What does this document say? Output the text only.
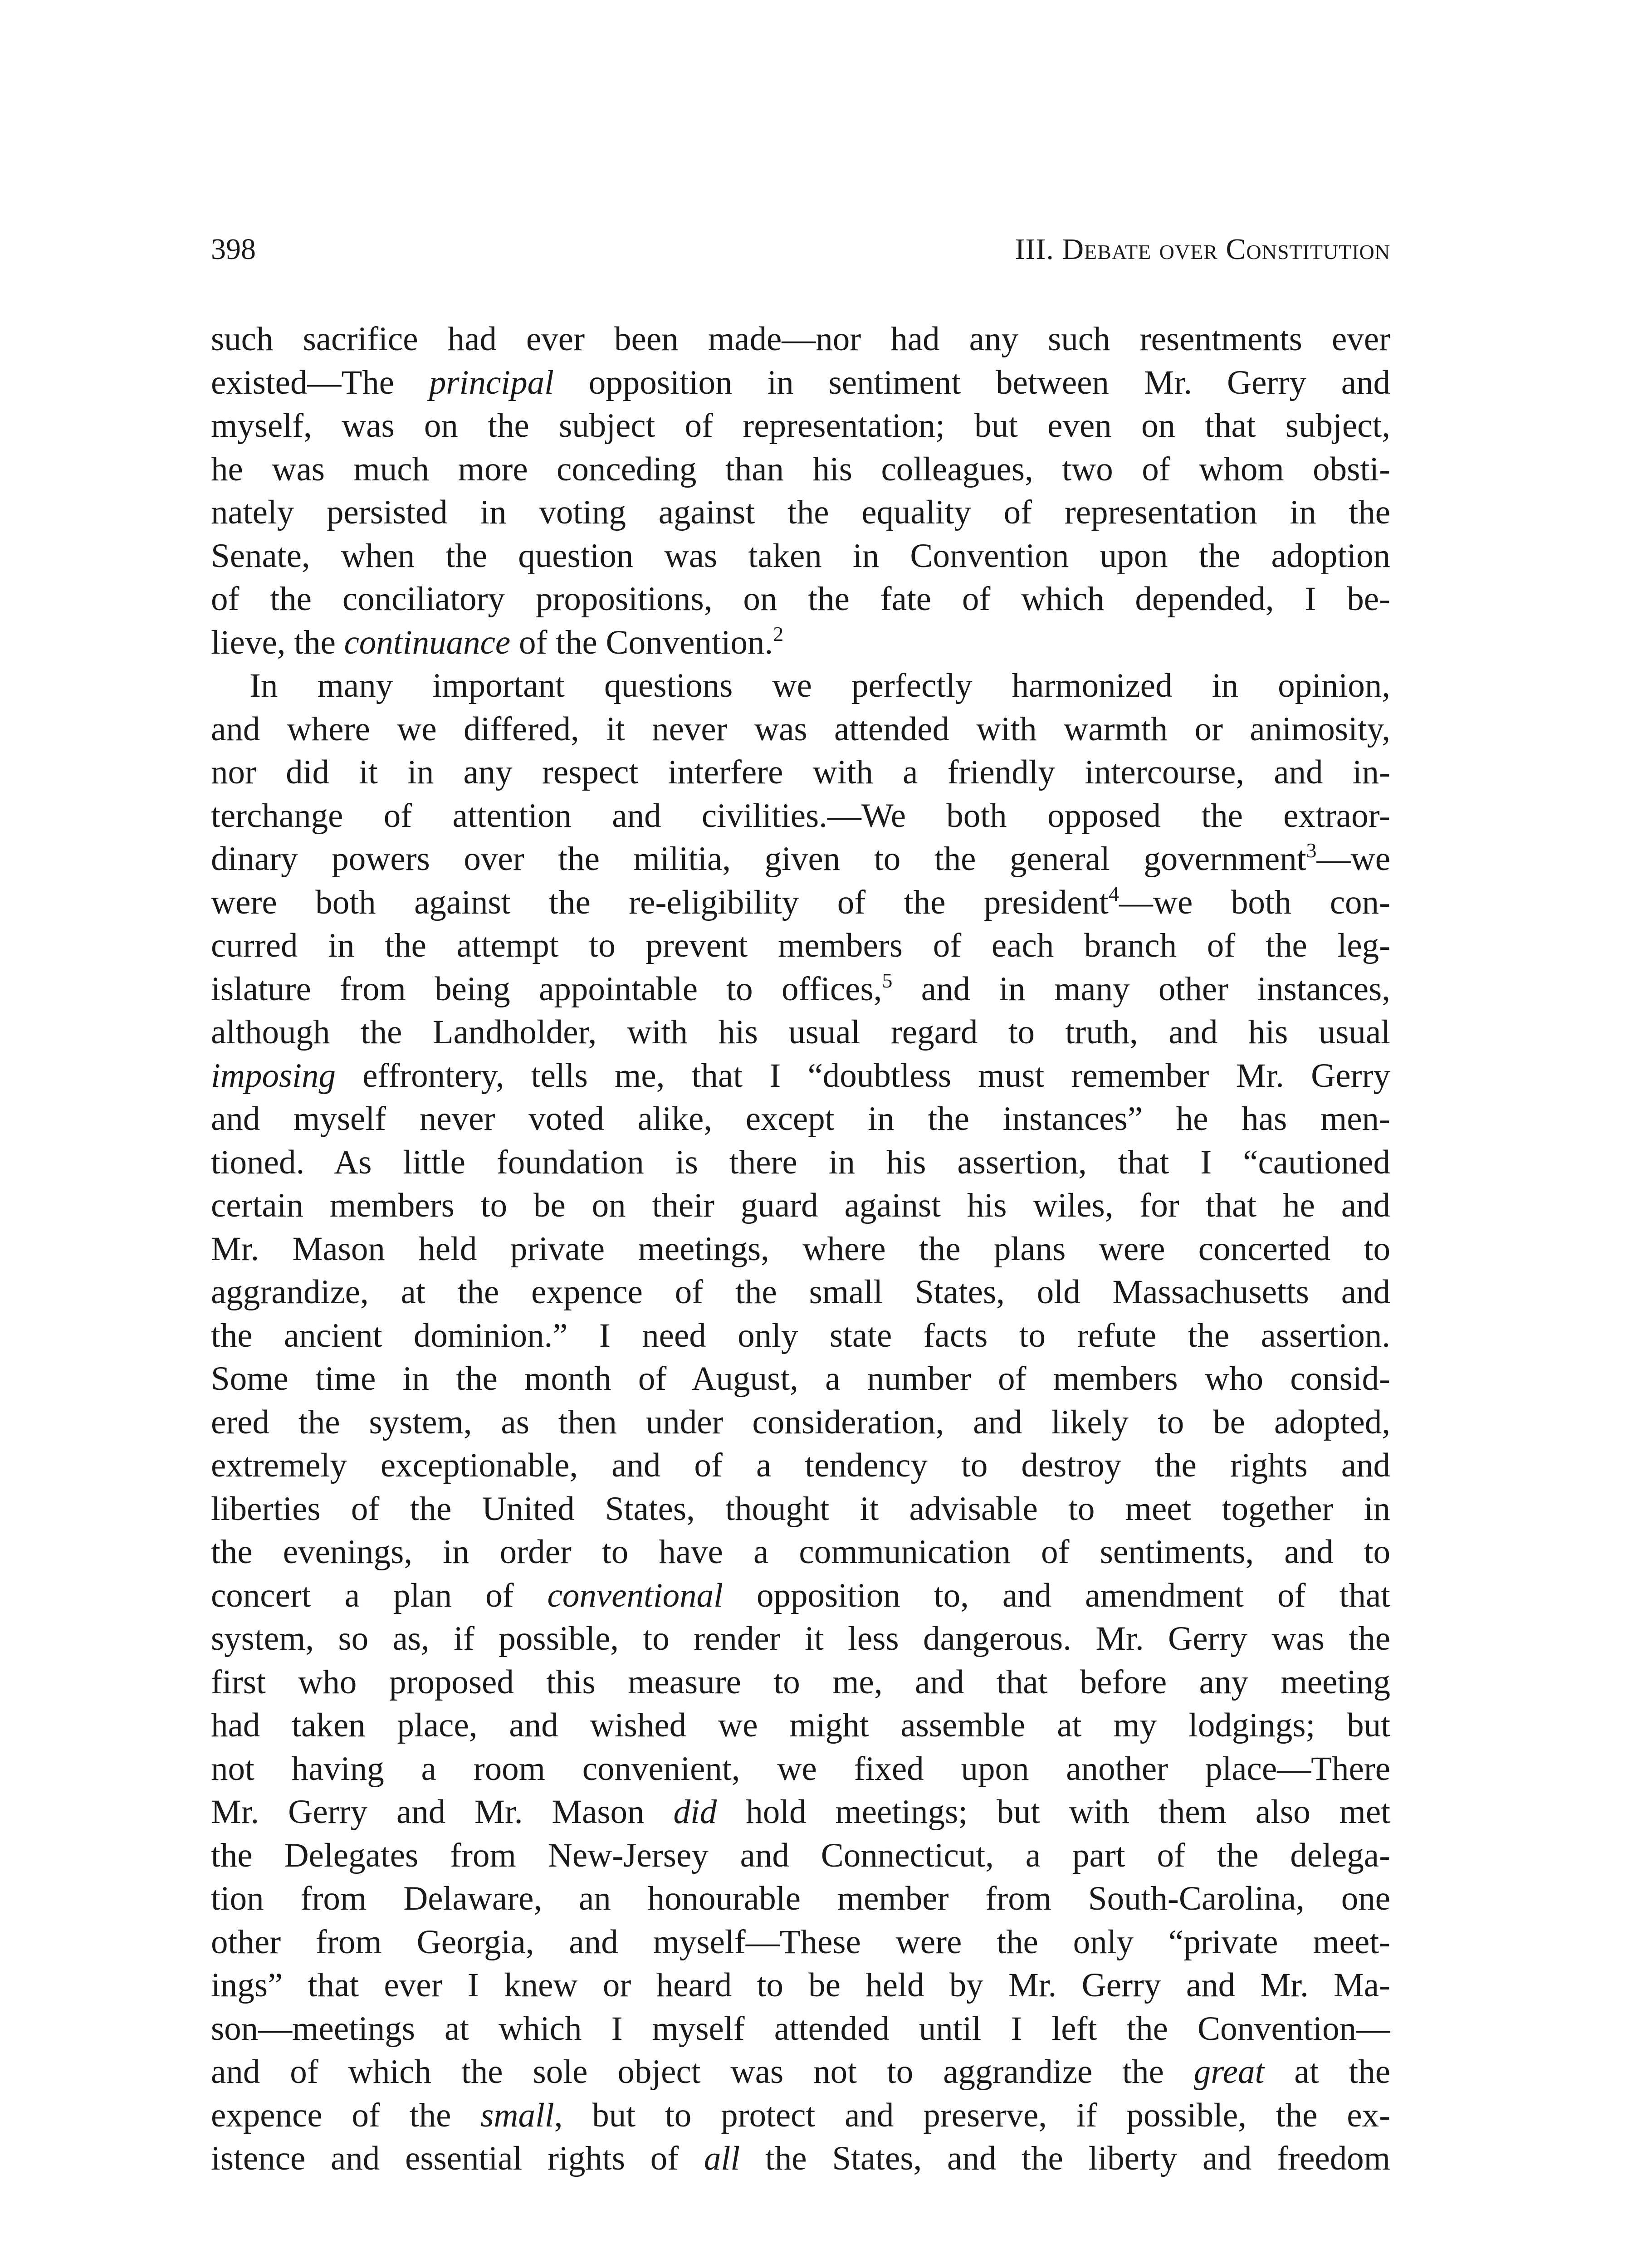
398	III. Debate over Constitution
such sacrifice had ever been made—nor had any such resentments ever
existed—The principal opposition in sentiment between Mr. Gerry and
myself, was on the subject of representation; but even on that subject,
he was much more conceding than his colleagues, two of whom obsti-
nately persisted in voting against the equality of representation in the
Senate, when the question was taken in Convention upon the adoption
of the conciliatory propositions, on the fate of which depended, I be-
lieve, the continuance of the Convention.$^2$
In many important questions we perfectly harmonized in opinion,
and where we differed, it never was attended with warmth or animosity,
nor did it in any respect interfere with a friendly intercourse, and in-
terchange of attention and civilities.—We both opposed the extraor-
dinary powers over the militia, given to the general government$^3$—we
were both against the re-eligibility of the president$^4$—we both con-
curred in the attempt to prevent members of each branch of the leg-
islature from being appointable to offices,$^5$ and in many other instances,
although the Landholder, with his usual regard to truth, and his usual
imposing effrontery, tells me, that I “doubtless must remember Mr. Gerry
and myself never voted alike, except in the instances” he has men-
tioned. As little foundation is there in his assertion, that I “cautioned
certain members to be on their guard against his wiles, for that he and
Mr. Mason held private meetings, where the plans were concerted to
aggrandize, at the expence of the small States, old Massachusetts and
the ancient dominion.” I need only state facts to refute the assertion.
Some time in the month of August, a number of members who consid-
ered the system, as then under consideration, and likely to be adopted,
extremely exceptionable, and of a tendency to destroy the rights and
liberties of the United States, thought it advisable to meet together in
the evenings, in order to have a communication of sentiments, and to
concert a plan of conventional opposition to, and amendment of that
system, so as, if possible, to render it less dangerous. Mr. Gerry was the
first who proposed this measure to me, and that before any meeting
had taken place, and wished we might assemble at my lodgings; but
not having a room convenient, we fixed upon another place—There
Mr. Gerry and Mr. Mason did hold meetings; but with them also met
the Delegates from New-Jersey and Connecticut, a part of the delega-
tion from Delaware, an honourable member from South-Carolina, one
other from Georgia, and myself—These were the only “private meet-
ings” that ever I knew or heard to be held by Mr. Gerry and Mr. Ma-
son—meetings at which I myself attended until I left the Convention—
and of which the sole object was not to aggrandize the great at the
expence of the small, but to protect and preserve, if possible, the ex-
istence and essential rights of all the States, and the liberty and freedom
